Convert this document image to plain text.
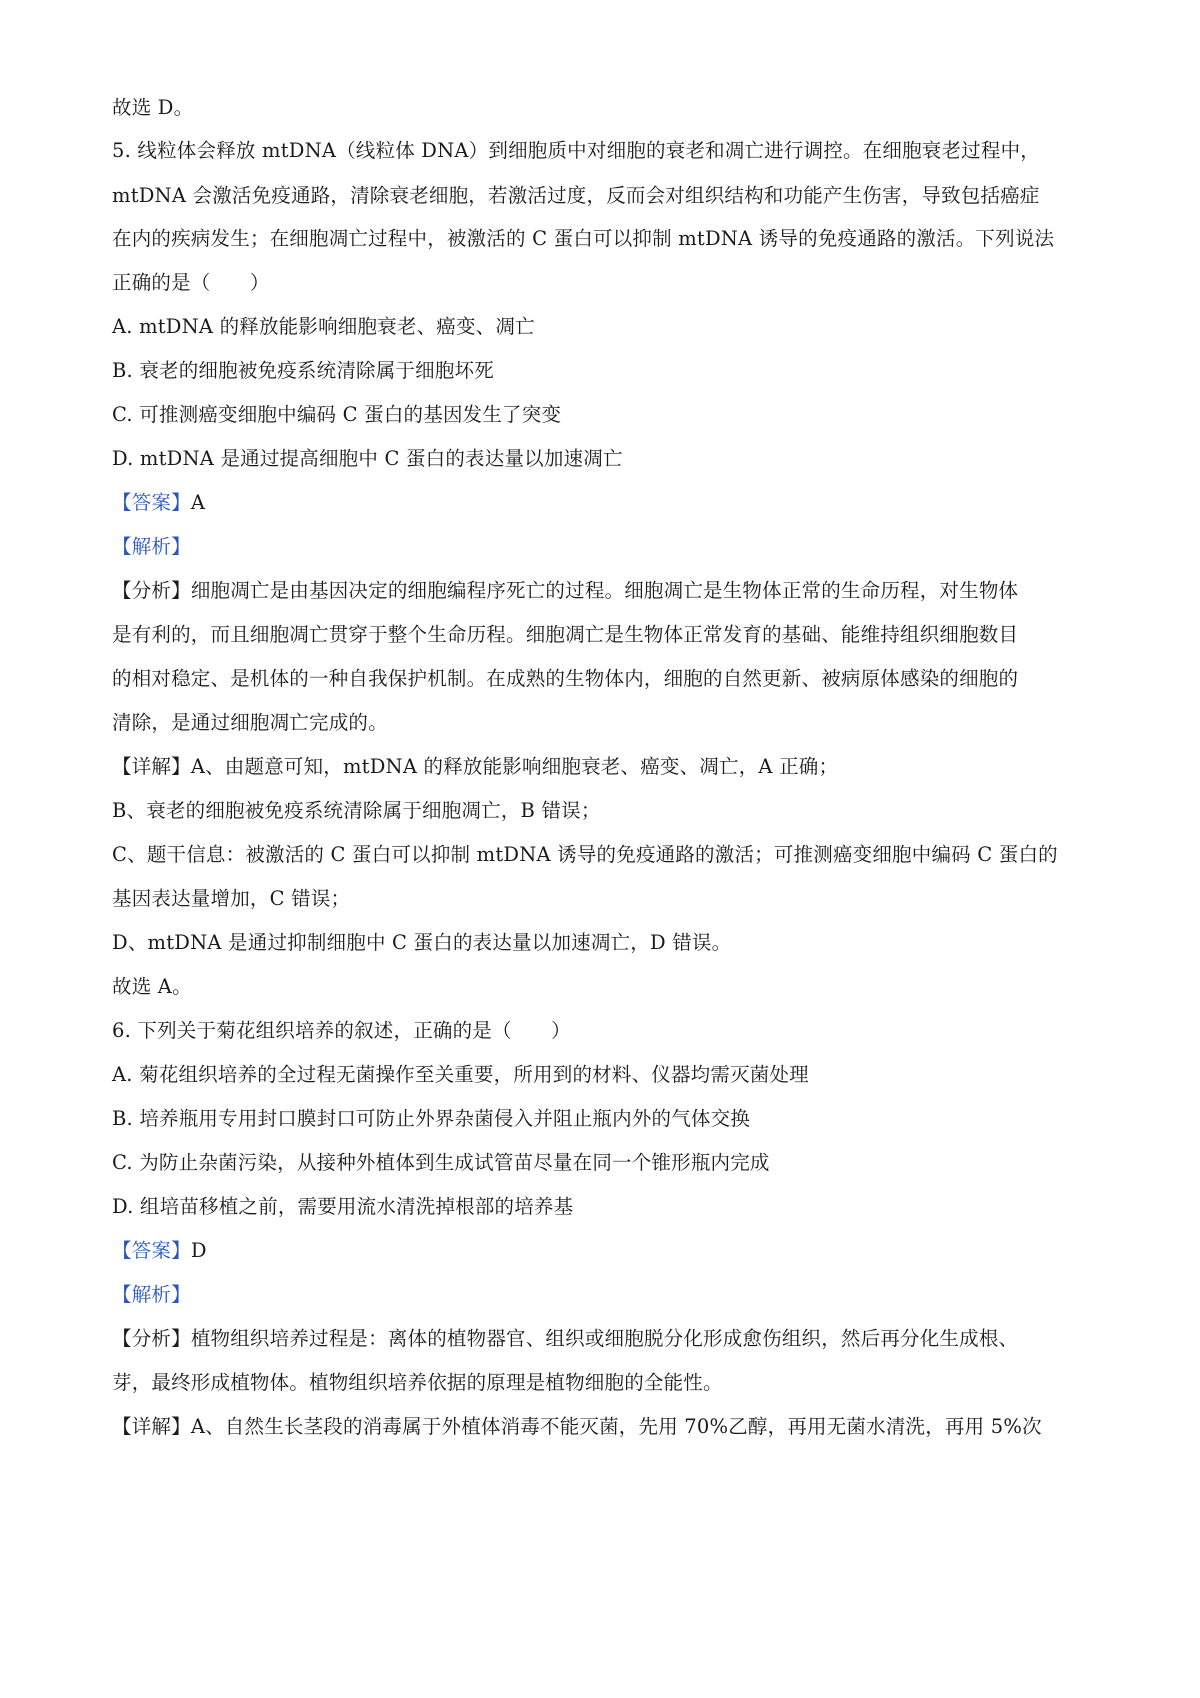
故选 D。
5. 线粒体会释放 mtDNA（线粒体 DNA）到细胞质中对细胞的衰老和凋亡进行调控。在细胞衰老过程中，
mtDNA 会激活免疫通路，清除衰老细胞，若激活过度，反而会对组织结构和功能产生伤害，导致包括癌症
在内的疾病发生；在细胞凋亡过程中，被激活的 C 蛋白可以抑制 mtDNA 诱导的免疫通路的激活。下列说法
正确的是（　　）
A. mtDNA 的释放能影响细胞衰老、癌变、凋亡
B. 衰老的细胞被免疫系统清除属于细胞坏死
C. 可推测癌变细胞中编码 C 蛋白的基因发生了突变
D. mtDNA 是通过提高细胞中 C 蛋白的表达量以加速凋亡
【答案】A
【解析】
【分析】细胞凋亡是由基因决定的细胞编程序死亡的过程。细胞凋亡是生物体正常的生命历程，对生物体
是有利的，而且细胞凋亡贯穿于整个生命历程。细胞凋亡是生物体正常发育的基础、能维持组织细胞数目
的相对稳定、是机体的一种自我保护机制。在成熟的生物体内，细胞的自然更新、被病原体感染的细胞的
清除，是通过细胞凋亡完成的。
【详解】A、由题意可知，mtDNA 的释放能影响细胞衰老、癌变、凋亡，A 正确；
B、衰老的细胞被免疫系统清除属于细胞凋亡，B 错误；
C、题干信息：被激活的 C 蛋白可以抑制 mtDNA 诱导的免疫通路的激活；可推测癌变细胞中编码 C 蛋白的
基因表达量增加，C 错误；
D、mtDNA 是通过抑制细胞中 C 蛋白的表达量以加速凋亡，D 错误。
故选 A。
6. 下列关于菊花组织培养的叙述，正确的是（　　）
A. 菊花组织培养的全过程无菌操作至关重要，所用到的材料、仪器均需灭菌处理
B. 培养瓶用专用封口膜封口可防止外界杂菌侵入并阻止瓶内外的气体交换
C. 为防止杂菌污染，从接种外植体到生成试管苗尽量在同一个锥形瓶内完成
D. 组培苗移植之前，需要用流水清洗掉根部的培养基
【答案】D
【解析】
【分析】植物组织培养过程是：离体的植物器官、组织或细胞脱分化形成愈伤组织，然后再分化生成根、
芽，最终形成植物体。植物组织培养依据的原理是植物细胞的全能性。
【详解】A、自然生长茎段的消毒属于外植体消毒不能灭菌，先用 70%乙醇，再用无菌水清洗，再用 5%次
